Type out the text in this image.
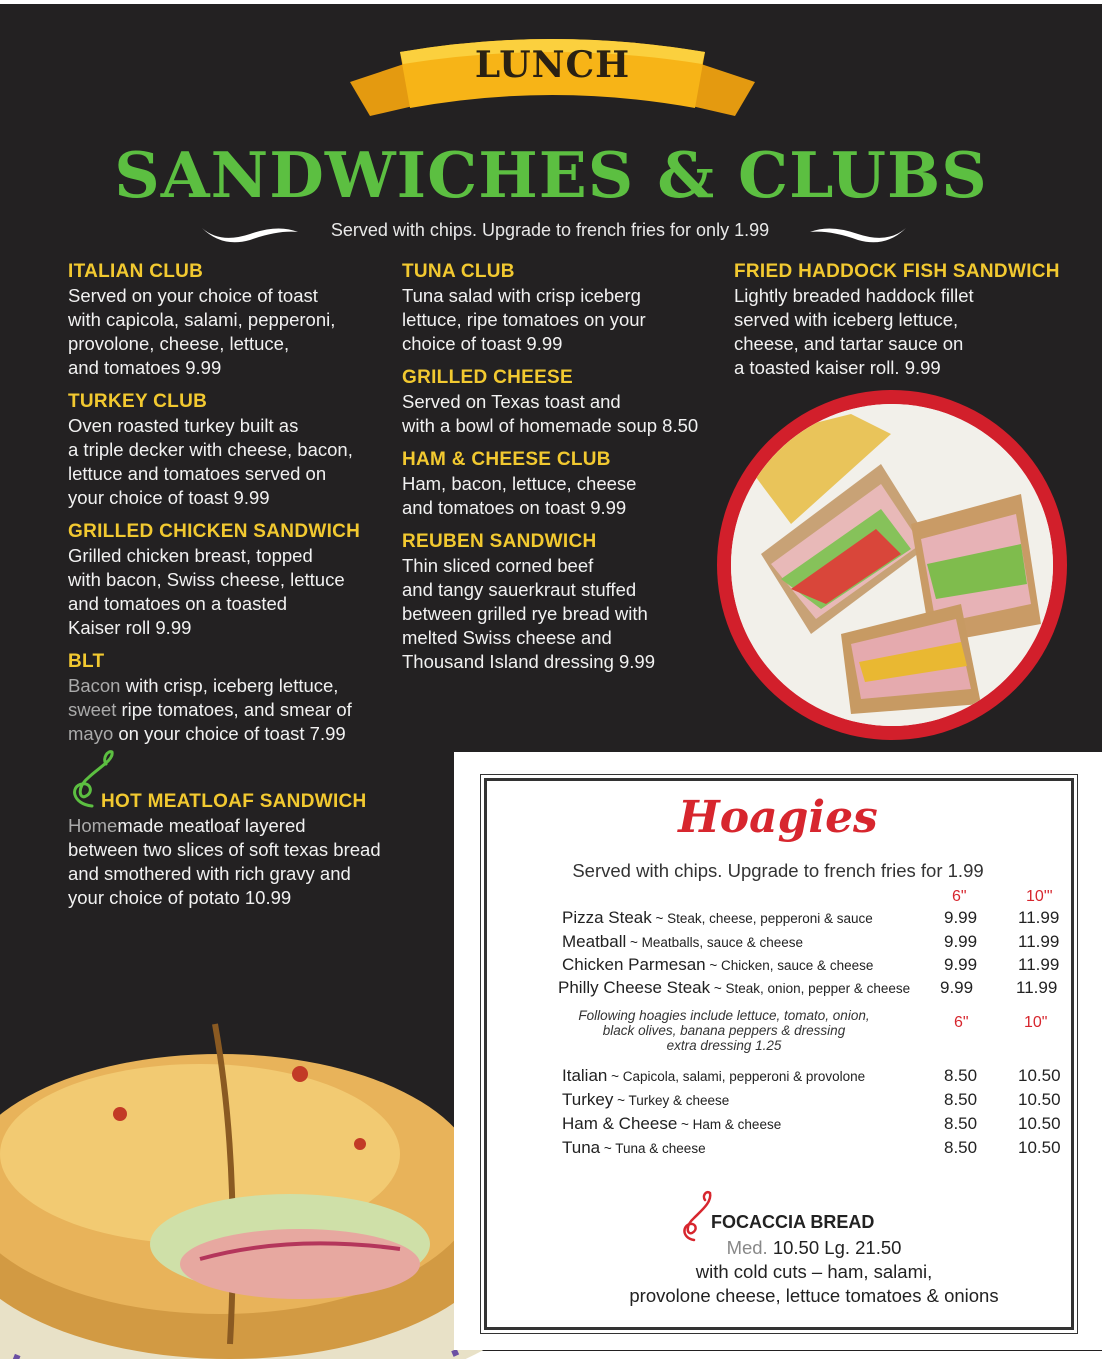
LUNCH
SANDWICHES & CLUBS
Served with chips. Upgrade to french fries for only 1.99
ITALIAN CLUB
Served on your choice of toast
with capicola, salami, pepperoni,
provolone, cheese, lettuce,
and tomatoes 9.99
TURKEY CLUB
Oven roasted turkey built as
a triple decker with cheese, bacon,
lettuce and tomatoes served on
your choice of toast 9.99
GRILLED CHICKEN SANDWICH
Grilled chicken breast, topped
with bacon, Swiss cheese, lettuce
and tomatoes on a toasted
Kaiser roll 9.99
BLT
Bacon with crisp, iceberg lettuce,
sweet ripe tomatoes, and smear of
mayo on your choice of toast 7.99
HOT MEATLOAF SANDWICH
Homemade meatloaf layered
between two slices of soft texas bread
and smothered with rich gravy and
your choice of potato 10.99
TUNA CLUB
Tuna salad with crisp iceberg
lettuce, ripe tomatoes on your
choice of toast 9.99
GRILLED CHEESE
Served on Texas toast and
with a bowl of homemade soup 8.50
HAM & CHEESE CLUB
Ham, bacon, lettuce, cheese
and tomatoes on toast 9.99
REUBEN SANDWICH
Thin sliced corned beef
and tangy sauerkraut stuffed
between grilled rye bread with
melted Swiss cheese and
Thousand Island dressing 9.99
FRIED HADDOCK FISH SANDWICH
Lightly breaded haddock fillet
served with iceberg lettuce,
cheese, and tartar sauce on
a toasted kaiser roll. 9.99
Hoagies
Served with chips. Upgrade to french fries for 1.99
6"	10'"
Pizza Steak ~ Steak, cheese, pepperoni & sauce	9.99 11.99
Meatball ~ Meatballs, sauce & cheese	9.99 11.99
Chicken Parmesan ~ Chicken, sauce & cheese	9.99 11.99
Philly Cheese Steak ~ Steak, onion, pepper & cheese 9.99	11.99
Following hoagies include lettuce, tomato, onion,
black olives, banana peppers & dressing
extra dressing 1.25
6"	10"
Italian ~ Capicola, salami, pepperoni & provolone	8.50 10.50
Turkey ~ Turkey & cheese	8.50 10.50
Ham & Cheese ~ Ham & cheese	8.50 10.50
Tuna ~ Tuna & cheese	8.50 10.50
FOCACCIA BREAD
Med. 10.50 Lg. 21.50
with cold cuts – ham, salami,
provolone cheese, lettuce tomatoes & onions
